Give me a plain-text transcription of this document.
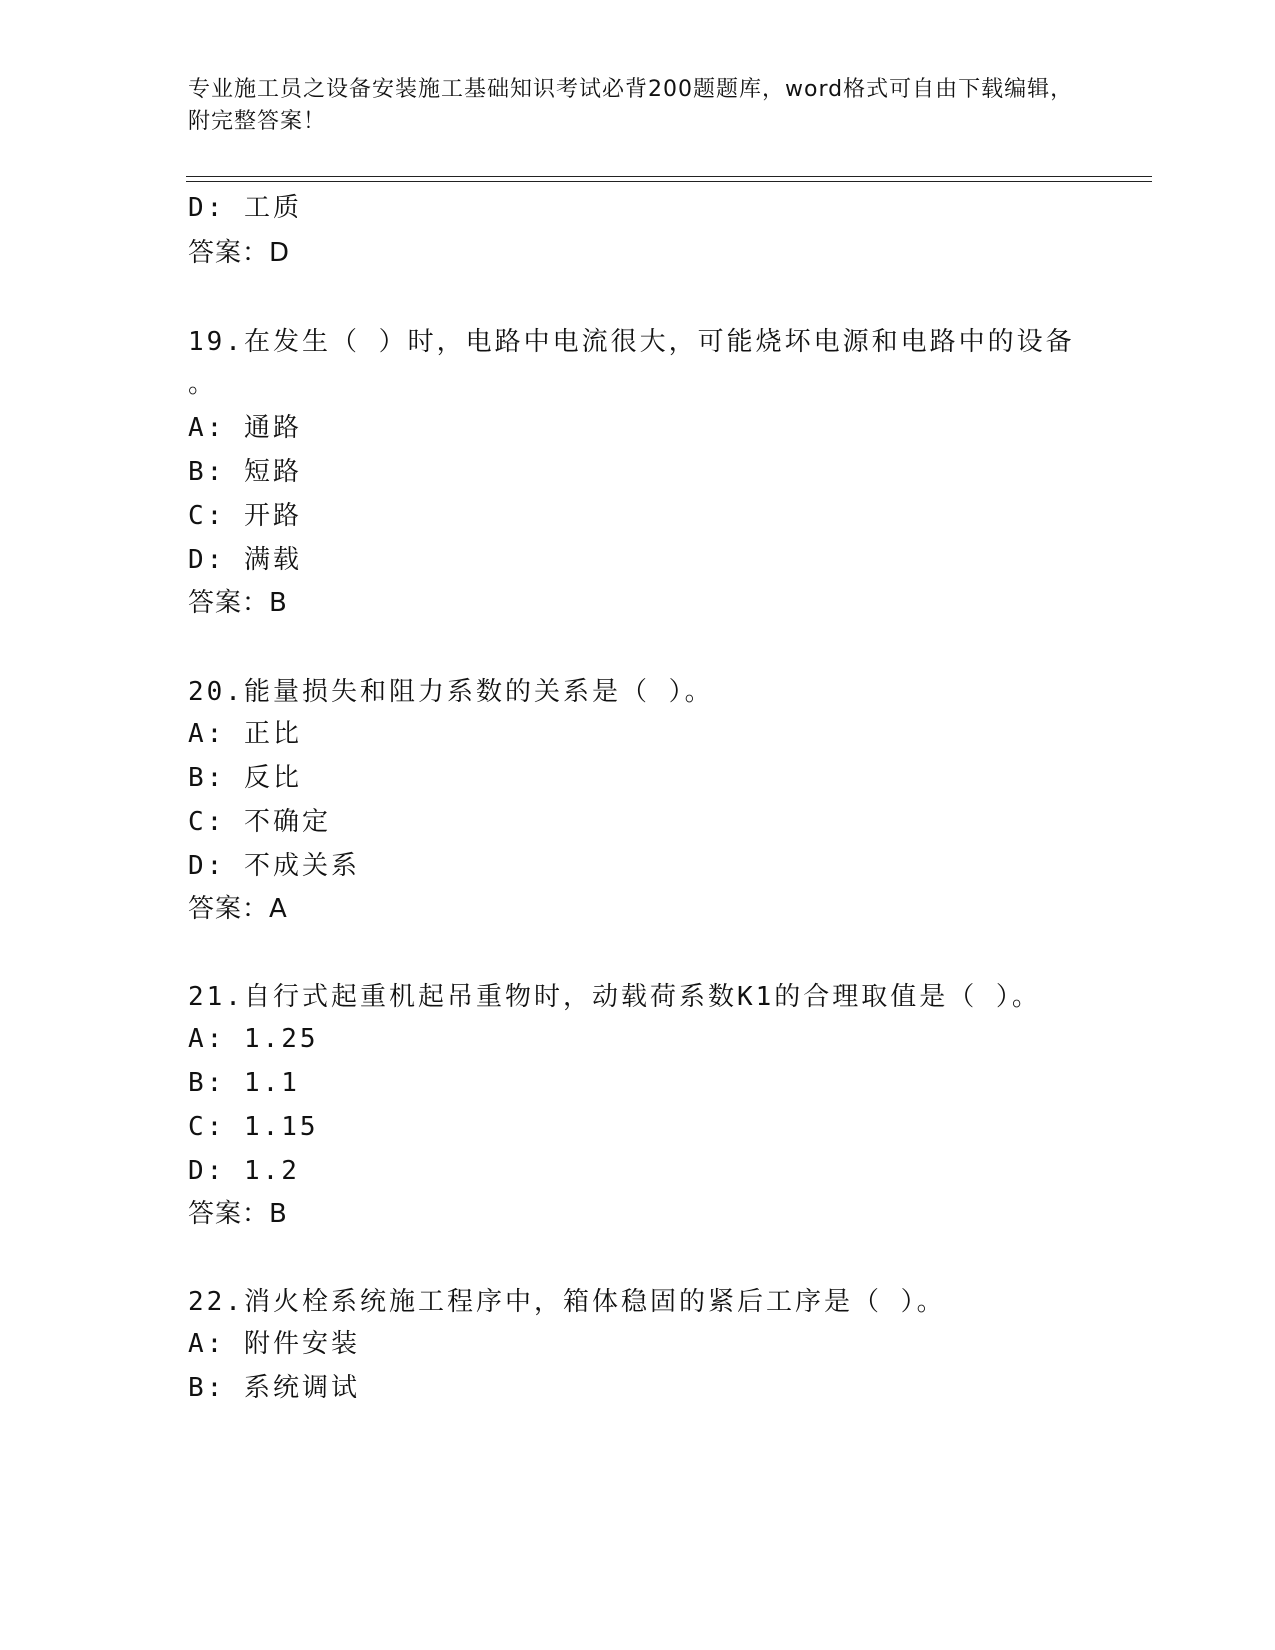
专业施工员之设备安装施工基础知识考试必背200题题库，word格式可自由下载编辑，附完整答案！
D: 工质
答案：D
19.在发生（ ）时，电路中电流很大，可能烧坏电源和电路中的设备
。
A: 通路
B: 短路
C: 开路
D: 满载
答案：B
20.能量损失和阻力系数的关系是（ ）。
A: 正比
B: 反比
C: 不确定
D: 不成关系
答案：A
21.自行式起重机起吊重物时，动载荷系数K1的合理取值是（ ）。
A: 1.25
B: 1.1
C: 1.15
D: 1.2
答案：B
22.消火栓系统施工程序中，箱体稳固的紧后工序是（ ）。
A: 附件安装
B: 系统调试
